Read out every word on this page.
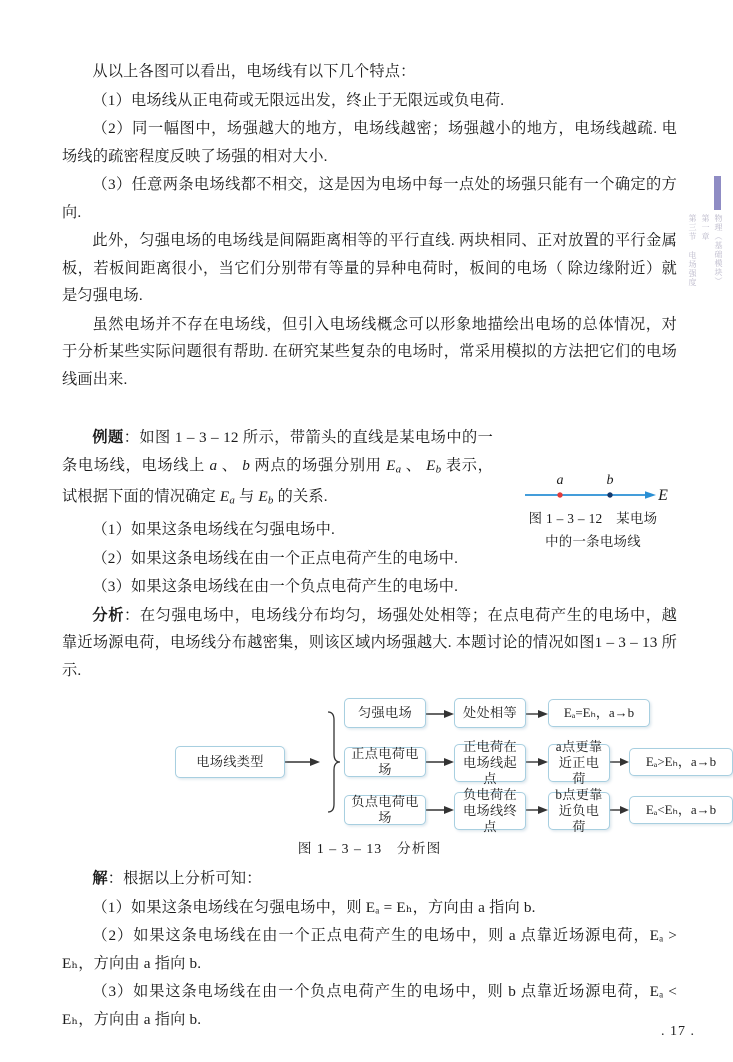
物理（基础模块）
第一章
第三节 电场强度

从以上各图可以看出，电场线有以下几个特点：

（1）电场线从正电荷或无限远出发，终止于无限远或负电荷.

（2）同一幅图中，场强越大的地方，电场线越密；场强越小的地方，电场线越疏. 电场线的疏密程度反映了场强的相对大小.

（3）任意两条电场线都不相交，这是因为电场中每一点处的场强只能有一个确定的方向.

此外，匀强电场的电场线是间隔距离相等的平行直线. 两块相同、正对放置的平行金属板，若板间距离很小，当它们分别带有等量的异种电荷时，板间的电场（ 除边缘附近）就是匀强电场.

虽然电场并不存在电场线，但引入电场线概念可以形象地描绘出电场的总体情况，对于分析某些实际问题很有帮助. 在研究某些复杂的电场时，常采用模拟的方法把它们的电场线画出来.

a	b
E
图 1 – 3 – 12　某电场
中的一条电场线

例题：如图 1 – 3 – 12 所示，带箭头的直线是某电场中的一条电场线，电场线上 a 、 b 两点的场强分别用 $E_a$ 、 $E_b$ 表示，试根据下面的情况确定 $E_a$ 与 $E_b$ 的关系.

（1）如果这条电场线在匀强电场中.

（2）如果这条电场线在由一个正点电荷产生的电场中.

（3）如果这条电场线在由一个负点电荷产生的电场中.

分析：在匀强电场中，电场线分布均匀，场强处处相等；在点电荷产生的电场中，越靠近场源电荷，电场线分布越密集，则该区域内场强越大. 本题讨论的情况如图1 – 3 – 13 所示.

电场线类型
匀强电场
正点电荷电场
负点电荷电场
处处相等
正电荷在电场线起点
负电荷在电场线终点
a点更靠近正电荷
b点更靠近负电荷
Eₐ=Eₕ，a→b
Eₐ>Eₕ，a→b
Eₐ<Eₕ，a→b
图 1 – 3 – 13　分析图

解：根据以上分析可知：

（1）如果这条电场线在匀强电场中，则 Eₐ = Eₕ，方向由 a 指向 b.

（2）如果这条电场线在由一个正点电荷产生的电场中，则 a 点靠近场源电荷，Eₐ > Eₕ，方向由 a 指向 b.

（3）如果这条电场线在由一个负点电荷产生的电场中，则 b 点靠近场源电荷，Eₐ < Eₕ，方向由 a 指向 b.

. 17 .
